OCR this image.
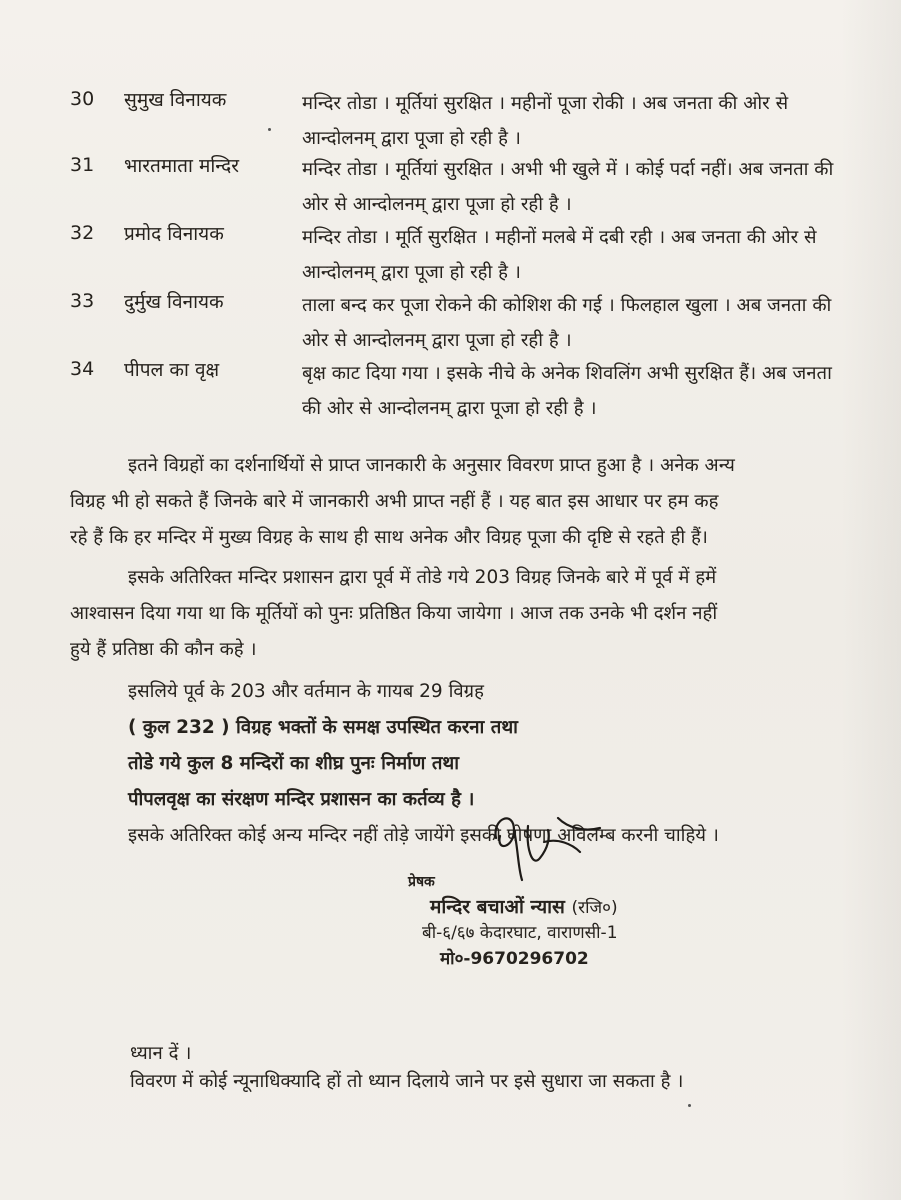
30 सुमुख विनायक	मन्दिर तोडा । मूर्तियां सुरक्षित । महीनों पूजा रोकी । अब जनता की ओर से आन्दोलनम् द्वारा पूजा हो रही है ।
31 भारतमाता मन्दिर	मन्दिर तोडा । मूर्तियां सुरक्षित । अभी भी खुले में । कोई पर्दा नहीं। अब जनता की ओर से आन्दोलनम् द्वारा पूजा हो रही है ।
32 प्रमोद विनायक	मन्दिर तोडा । मूर्ति सुरक्षित । महीनों मलबे में दबी रही । अब जनता की ओर से आन्दोलनम् द्वारा पूजा हो रही है ।
33 दुर्मुख विनायक	ताला बन्द कर पूजा रोकने की कोशिश की गई । फिलहाल खुला । अब जनता की ओर से आन्दोलनम् द्वारा पूजा हो रही है ।
34 पीपल का वृक्ष	बृक्ष काट दिया गया । इसके नीचे के अनेक शिवलिंग अभी सुरक्षित हैं। अब जनता की ओर से आन्दोलनम् द्वारा पूजा हो रही है ।
इतने विग्रहों का दर्शनार्थियों से प्राप्त जानकारी के अनुसार विवरण प्राप्त हुआ है । अनेक अन्य
विग्रह भी हो सकते हैं जिनके बारे में जानकारी अभी प्राप्त नहीं हैं । यह बात इस आधार पर हम कह
रहे हैं कि हर मन्दिर में मुख्य विग्रह के साथ ही साथ अनेक और विग्रह पूजा की दृष्टि से रहते ही हैं।
इसके अतिरिक्त मन्दिर प्रशासन द्वारा पूर्व में तोडे गये 203 विग्रह जिनके बारे में पूर्व में हमें
आश्वासन दिया गया था कि मूर्तियों को पुनः प्रतिष्ठित किया जायेगा । आज तक उनके भी दर्शन नहीं
हुये हैं प्रतिष्ठा की कौन कहे ।
इसलिये पूर्व के 203 और वर्तमान के गायब 29 विग्रह
( कुल 232 ) विग्रह भक्तों के समक्ष उपस्थित करना तथा
तोडे गये कुल 8 मन्दिरों का शीघ्र पुनः निर्माण तथा
पीपलवृक्ष का संरक्षण मन्दिर प्रशासन का कर्तव्य है ।
इसके अतिरिक्त कोई अन्य मन्दिर नहीं तोड़े जायेंगे इसकी घोषणा अविलम्ब करनी चाहिये ।
प्रेषक
मन्दिर बचाओं न्यास (रजि०)
बी-६/६७ केदारघाट, वाराणसी-1
मो०-9670296702
ध्यान दें ।
विवरण में कोई न्यूनाधिक्यादि हों तो ध्यान दिलाये जाने पर इसे सुधारा जा सकता है ।
